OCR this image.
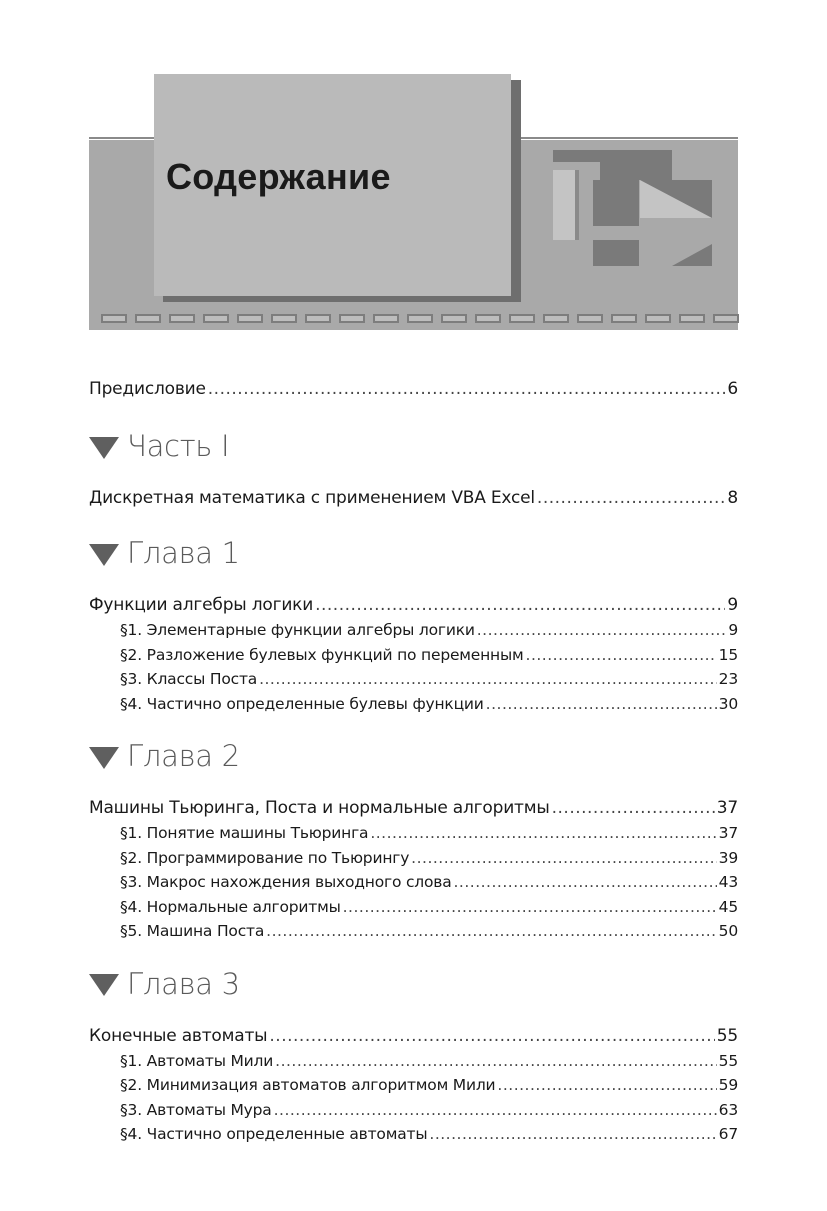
Содержание
Предисловие .....	6
Часть I
Дискретная математика с применением VBA Excel .....	8
Глава 1
Функции алгебры логики .....	9
§1. Элементарные функции алгебры логики .....	9
§2. Разложение булевых функций по переменным .....	15
§3. Классы Поста .....	23
§4. Частично определенные булевы функции .....	30
Глава 2
Машины Тьюринга, Поста и нормальные алгоритмы .....	37
§1. Понятие машины Тьюринга .....	37
§2. Программирование по Тьюрингу .....	39
§3. Макрос нахождения выходного слова .....	43
§4. Нормальные алгоритмы .....	45
§5. Машина Поста .....	50
Глава 3
Конечные автоматы .....	55
§1. Автоматы Мили .....	55
§2. Минимизация автоматов алгоритмом Мили .....	59
§3. Автоматы Мура .....	63
§4. Частично определенные автоматы .....	67
